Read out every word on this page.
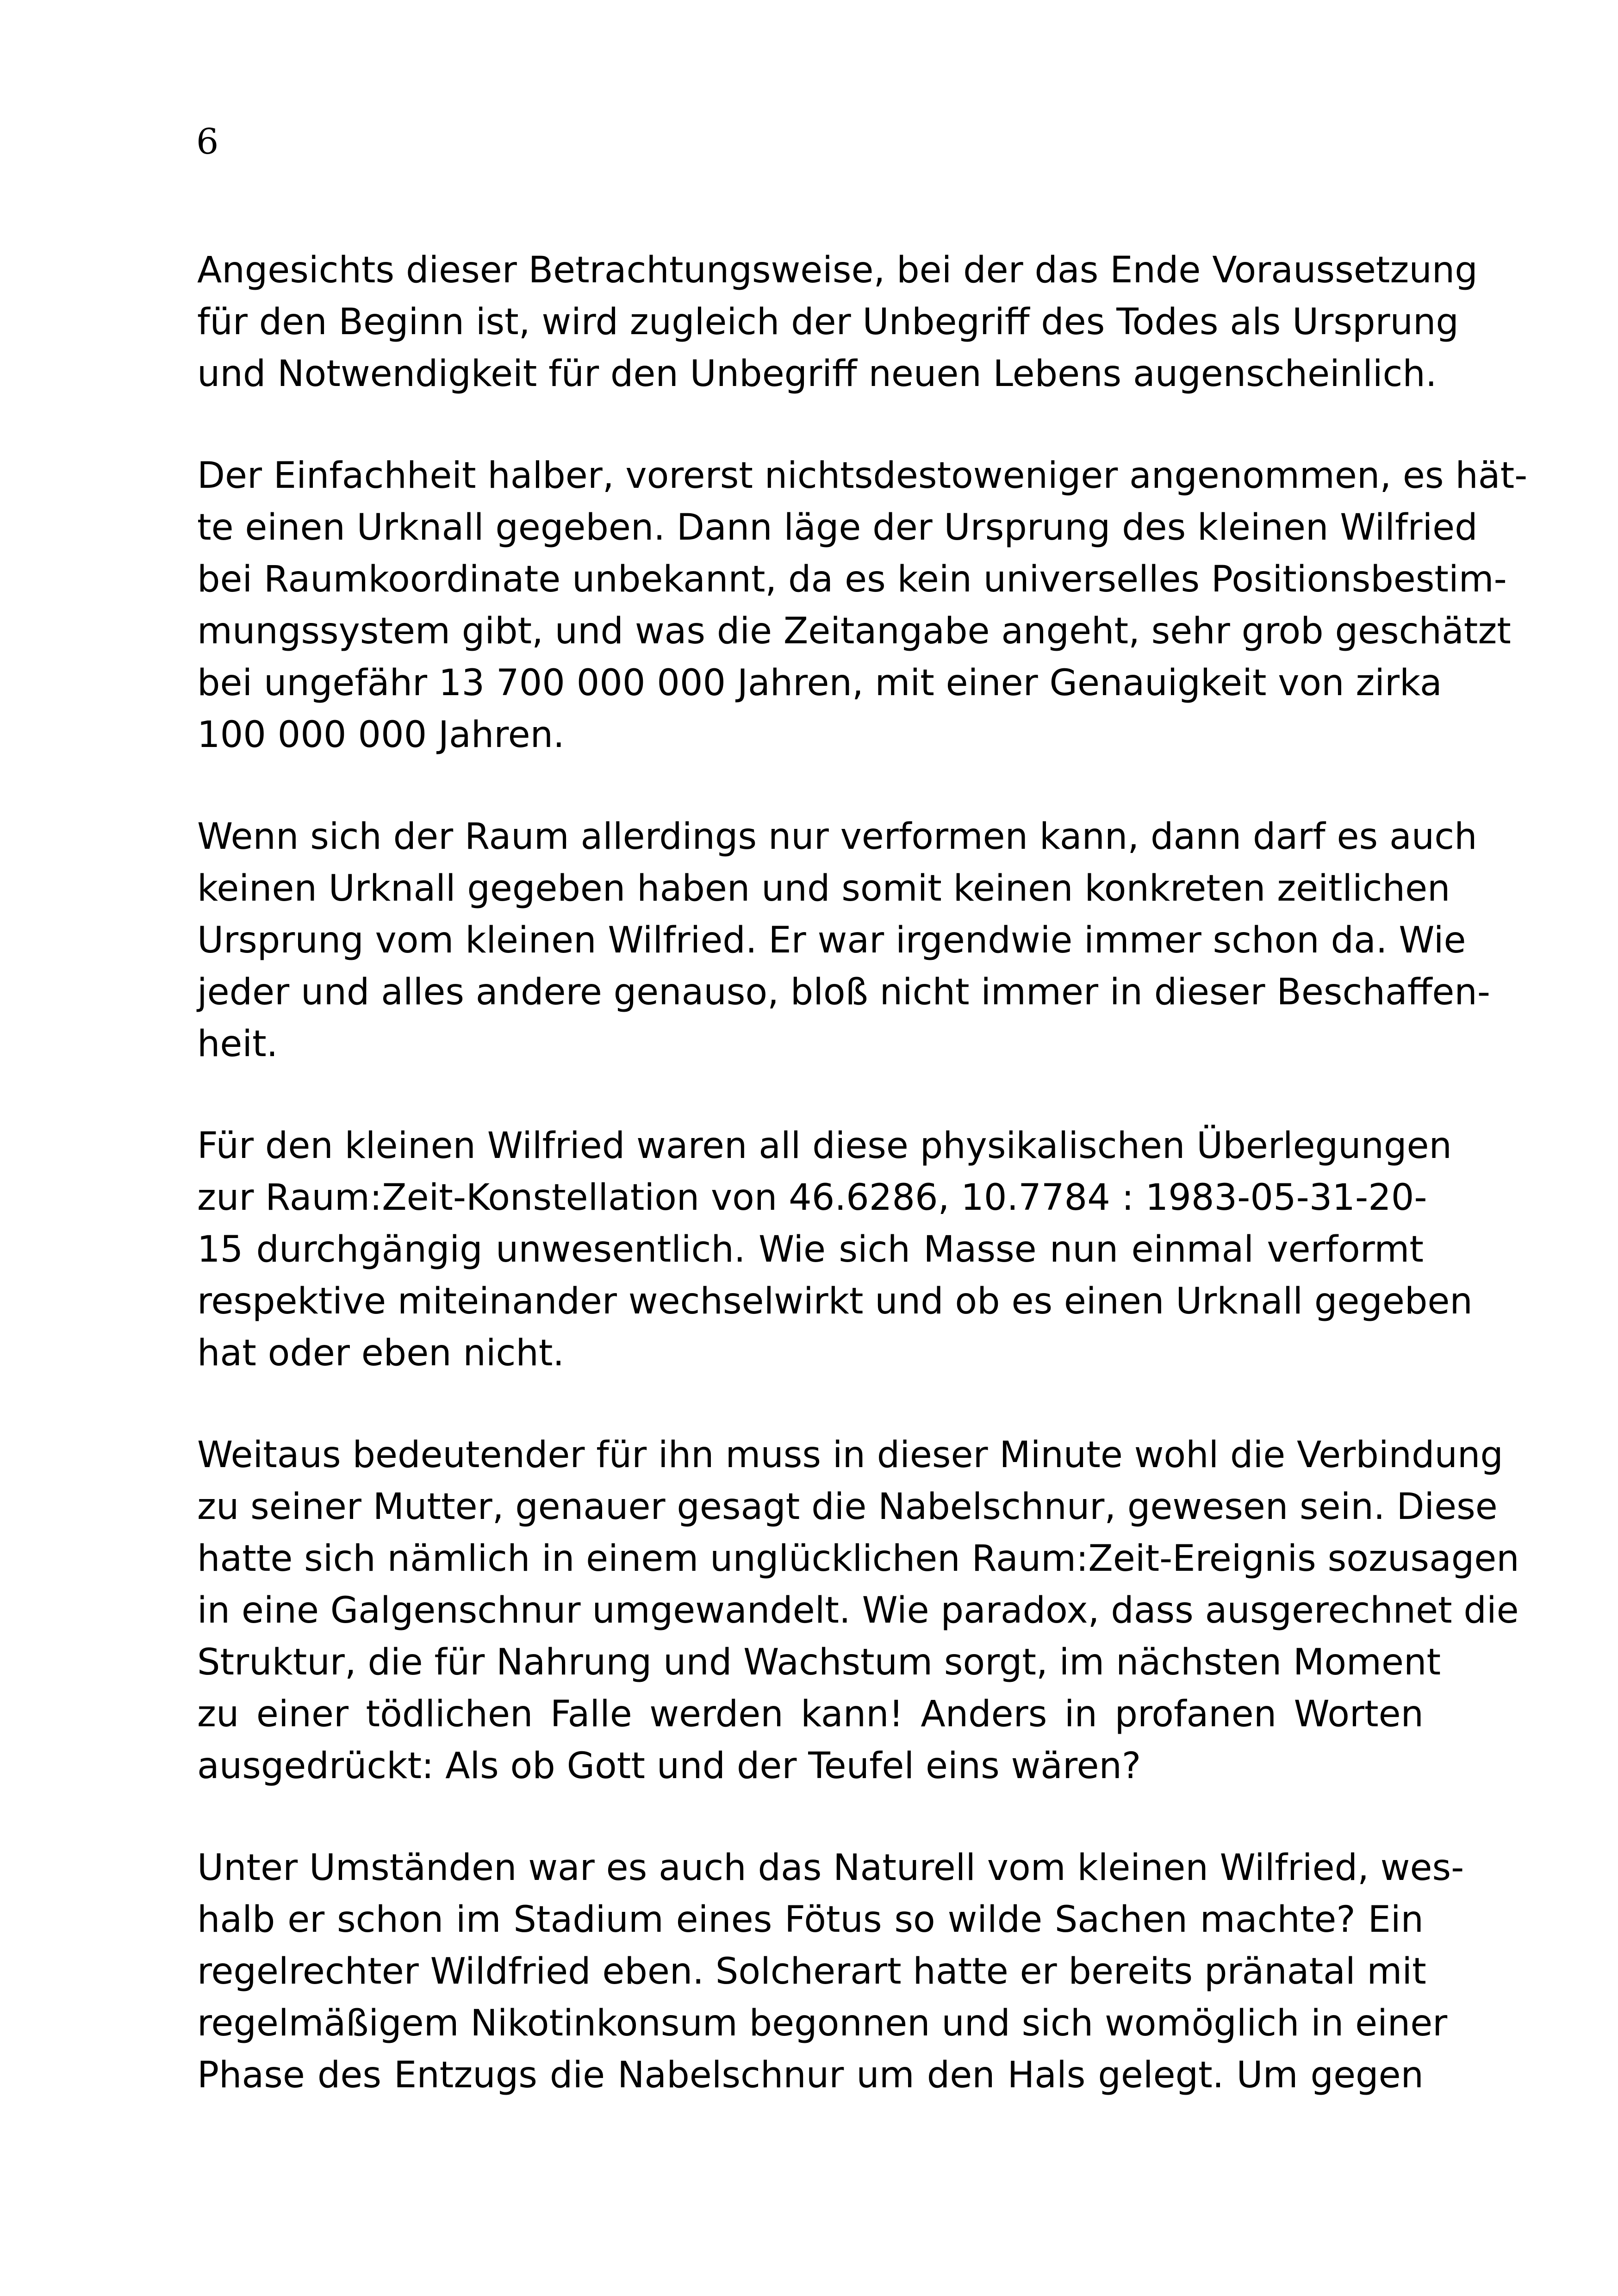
6
Angesichts dieser Betrachtungsweise, bei der das Ende Voraussetzung
für den Beginn ist, wird zugleich der Unbegriff des Todes als Ursprung
und Notwendigkeit für den Unbegriff neuen Lebens augenscheinlich.
Der Einfachheit halber, vorerst nichtsdestoweniger angenommen, es hät-
te einen Urknall gegeben. Dann läge der Ursprung des kleinen Wilfried
bei Raumkoordinate unbekannt, da es kein universelles Positionsbestim-
mungssystem gibt, und was die Zeitangabe angeht, sehr grob geschätzt
bei ungefähr 13 700 000 000 Jahren, mit einer Genauigkeit von zirka
100 000 000 Jahren.
Wenn sich der Raum allerdings nur verformen kann, dann darf es auch
keinen Urknall gegeben haben und somit keinen konkreten zeitlichen
Ursprung vom kleinen Wilfried. Er war irgendwie immer schon da. Wie
jeder und alles andere genauso, bloß nicht immer in dieser Beschaffen-
heit.
Für den kleinen Wilfried waren all diese physikalischen Überlegungen
zur Raum:Zeit-Konstellation von 46.6286, 10.7784 : 1983-05-31-20-
15 durchgängig unwesentlich. Wie sich Masse nun einmal verformt
respektive miteinander wechselwirkt und ob es einen Urknall gegeben
hat oder eben nicht.
Weitaus bedeutender für ihn muss in dieser Minute wohl die Verbindung
zu seiner Mutter, genauer gesagt die Nabelschnur, gewesen sein. Diese
hatte sich nämlich in einem unglücklichen Raum:Zeit-Ereignis sozusagen
in eine Galgenschnur umgewandelt. Wie paradox, dass ausgerechnet die
Struktur, die für Nahrung und Wachstum sorgt, im nächsten Moment
zu einer tödlichen Falle werden kann! Anders in profanen Worten
ausgedrückt: Als ob Gott und der Teufel eins wären?
Unter Umständen war es auch das Naturell vom kleinen Wilfried, wes-
halb er schon im Stadium eines Fötus so wilde Sachen machte? Ein
regelrechter Wildfried eben. Solcherart hatte er bereits pränatal mit
regelmäßigem Nikotinkonsum begonnen und sich womöglich in einer
Phase des Entzugs die Nabelschnur um den Hals gelegt. Um gegen
